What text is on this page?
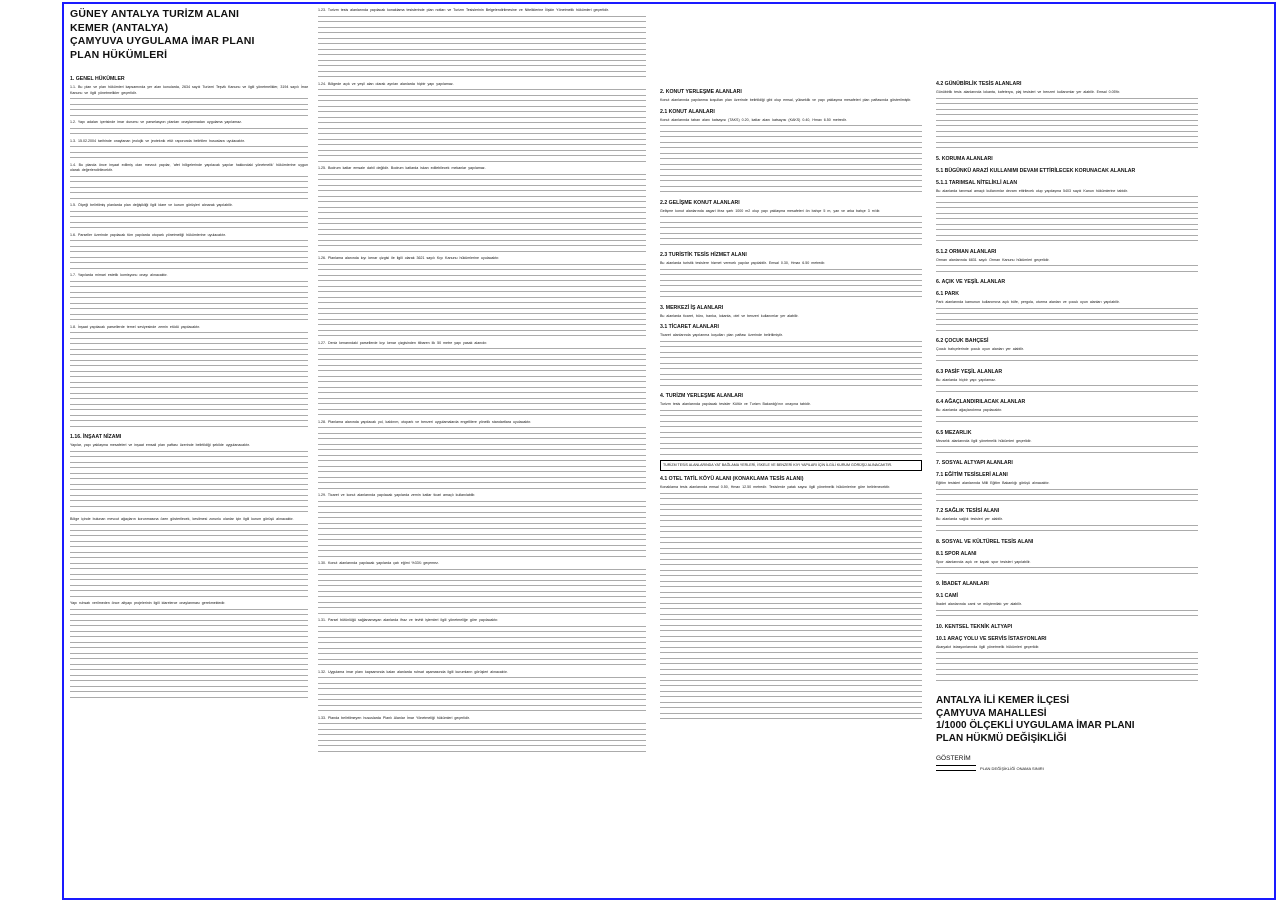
GÜNEY ANTALYA TURİZM ALANI
KEMER (ANTALYA)
ÇAMYUVA UYGULAMA İMAR PLANI
PLAN HÜKÜMLERİ
1. GENEL HÜKÜMLER
1.1. Bu plan ve plan hükümleri kapsamında yer alan konularda, 2634 sayılı Turizmi Teşvik Kanunu ve ilgili yönetmelikler, 3194 sayılı İmar Kanunu ve ilgili yönetmelikler geçerlidir.
1.2. Yapı adaları içerisinde imar durumu ve parselasyon planları onaylanmadan uygulama yapılamaz.
1.3. 15.02.2004 tarihinde onaylanan jeolojik ve jeoteknik etüt raporunda belirtilen hususlara uyulacaktır.
1.4. Bu planda önce inşaat edilmiş olan mevcut yapılar, 'afet bölgelerinde yapılacak yapılar hakkındaki yönetmelik' hükümlerine uygun olarak değerlendirilecektir.
1.5. Ölçeği belirtilmiş planlarda plan değişikliği ilgili idare ve kurum görüşleri alınarak yapılabilir.
1.6. Parseller üzerinde yapılacak tüm yapılarda otopark yönetmeliği hükümlerine uyulacaktır.
1.7. Yapılarda mimari estetik komisyonu onayı alınacaktır.
1.8. İnşaat yapılacak parsellerde temel seviyesinde zemin etüdü yapılacaktır.
1.16. İNŞAAT NİZAMI
Yapılar, yapı yaklaşma mesafeleri ve inşaat emsali plan paftası üzerinde belirtildiği şekilde uygulanacaktır.
Bölge içinde bulunan mevcut ağaçların korunmasına özen gösterilecek, kesilmesi zorunlu olanlar için ilgili kurum görüşü alınacaktır.
Yapı ruhsatı verilmeden önce altyapı projelerinin ilgili idarelerce onaylanması gerekmektedir.
1.23. Turizm tesis alanlarında yapılacak konaklama tesislerinde plan notları ve Turizm Tesislerinin Belgelendirilmesine ve Niteliklerine İlişkin Yönetmelik hükümleri geçerlidir.
1.24. Bölgede açık ve yeşil alan olarak ayrılan alanlarda hiçbir yapı yapılamaz.
1.25. Bodrum katlar emsale dahil değildir. Bodrum katlarda iskan edilebilecek mekanlar yapılamaz.
1.26. Planlama alanında kıyı kenar çizgisi ile ilgili olarak 3621 sayılı Kıyı Kanunu hükümlerine uyulacaktır.
1.27. Deniz kenarındaki parsellerde kıyı kenar çizgisinden itibaren ilk 50 metre yapı yasak alanıdır.
1.28. Planlama alanında yapılacak yol, kaldırım, otopark ve benzeri uygulamalarda engellilere yönelik standartlara uyulacaktır.
1.29. Ticaret ve konut alanlarında yapılacak yapılarda zemin katlar ticari amaçlı kullanılabilir.
1.30. Konut alanlarında yapılacak yapılarda çatı eğimi %33'ü geçemez.
1.31. Parsel bütünlüğü sağlanamayan alanlarda ifraz ve tevhit işlemleri ilgili yönetmeliğe göre yapılacaktır.
1.32. Uygulama imar planı kapsamında kalan alanlarda ruhsat aşamasında ilgili kurumların görüşleri alınacaktır.
1.33. Planda belirtilmeyen hususlarda Planlı Alanlar İmar Yönetmeliği hükümleri geçerlidir.
2. KONUT YERLEŞME ALANLARI
Konut alanlarında yapılanma koşulları plan üzerinde belirtildiği gibi olup emsal, yükseklik ve yapı yaklaşma mesafeleri plan paftasında gösterilmiştir.
2.1 KONUT ALANLARI
Konut alanlarında taban alanı katsayısı (TAKS) 0.20, katlar alanı katsayısı (KAKS) 0.40, Hmax 6.50 metredir.
2.2 GELİŞME KONUT ALANLARI
Gelişme konut alanlarında asgari ifraz şartı 1000 m2 olup yapı yaklaşma mesafeleri ön bahçe 5 m, yan ve arka bahçe 3 m'dir.
2.3 TURİSTİK TESİS HİZMET ALANI
Bu alanlarda turistik tesislere hizmet verecek yapılar yapılabilir. Emsal 0.30, Hmax 6.50 metredir.
3. MERKEZİ İŞ ALANLARI
Bu alanlarda ticaret, büro, banka, lokanta, otel ve benzeri kullanımlar yer alabilir.
3.1 TİCARET ALANLARI
Ticaret alanlarında yapılanma koşulları plan paftası üzerinde belirtilmiştir.
4. TURİZM YERLEŞME ALANLARI
Turizm tesis alanlarında yapılacak tesisler Kültür ve Turizm Bakanlığı'nın onayına tabidir.
TURİZM TESİS ALANLARINDA YAT BAĞLAMA YERLERİ, İSKELE VE BENZERİ KIYI YAPILARI İÇİN İLGİLİ KURUM GÖRÜŞÜ ALINACAKTIR.
4.1 OTEL TATİL KÖYÜ ALANI (KONAKLAMA TESİS ALANI)
Konaklama tesis alanlarında emsal 0.50, Hmax 12.50 metredir. Tesislerde yatak sayısı ilgili yönetmelik hükümlerine göre belirlenecektir.
4.2 GÜNÜBİRLİK TESİS ALANLARI
Günübirlik tesis alanlarında lokanta, kafeterya, plaj tesisleri ve benzeri kullanımlar yer alabilir. Emsal 0.05'tir.
5. KORUMA ALANLARI
5.1 BÜGÜNKÜ ARAZİ KULLANIMI DEVAM ETTİRİLECEK KORUNACAK ALANLAR
5.1.1 TARIMSAL NİTELİKLİ ALAN
Bu alanlarda tarımsal amaçlı kullanımlar devam ettirilecek olup yapılaşma 5403 sayılı Kanun hükümlerine tabidir.
5.1.2 ORMAN ALANLARI
Orman alanlarında 6831 sayılı Orman Kanunu hükümleri geçerlidir.
6. AÇIK VE YEŞİL ALANLAR
6.1 PARK
Park alanlarında kamunun kullanımına açık büfe, pergola, oturma alanları ve çocuk oyun alanları yapılabilir.
6.2 ÇOCUK BAHÇESİ
Çocuk bahçelerinde çocuk oyun alanları yer alabilir.
6.3 PASİF YEŞİL ALANLAR
Bu alanlarda hiçbir yapı yapılamaz.
6.4 AĞAÇLANDIRILACAK ALANLAR
Bu alanlarda ağaçlandırma yapılacaktır.
6.5 MEZARLIK
Mezarlık alanlarında ilgili yönetmelik hükümleri geçerlidir.
7. SOSYAL ALTYAPI ALANLARI
7.1 EĞİTİM TESİSLERİ ALANI
Eğitim tesisleri alanlarında Milli Eğitim Bakanlığı görüşü alınacaktır.
7.2 SAĞLIK TESİSİ ALANI
Bu alanlarda sağlık tesisleri yer alabilir.
8. SOSYAL VE KÜLTÜREL TESİS ALANI
8.1 SPOR ALANI
Spor alanlarında açık ve kapalı spor tesisleri yapılabilir.
9. İBADET ALANLARI
9.1 CAMİ
İbadet alanlarında cami ve müştemilatı yer alabilir.
10. KENTSEL TEKNİK ALTYAPI
10.1 ARAÇ YOLU VE SERVİS İSTASYONLARI
Akaryakıt istasyonlarında ilgili yönetmelik hükümleri geçerlidir.
ANTALYA İLİ KEMER İLÇESİ
ÇAMYUVA MAHALLESİ
1/1000 ÖLÇEKLİ UYGULAMA İMAR PLANI
PLAN HÜKMÜ DEĞİŞİKLİĞİ
GÖSTERİM
PLAN DEĞİŞİKLİĞİ ONAMA SINIRI
